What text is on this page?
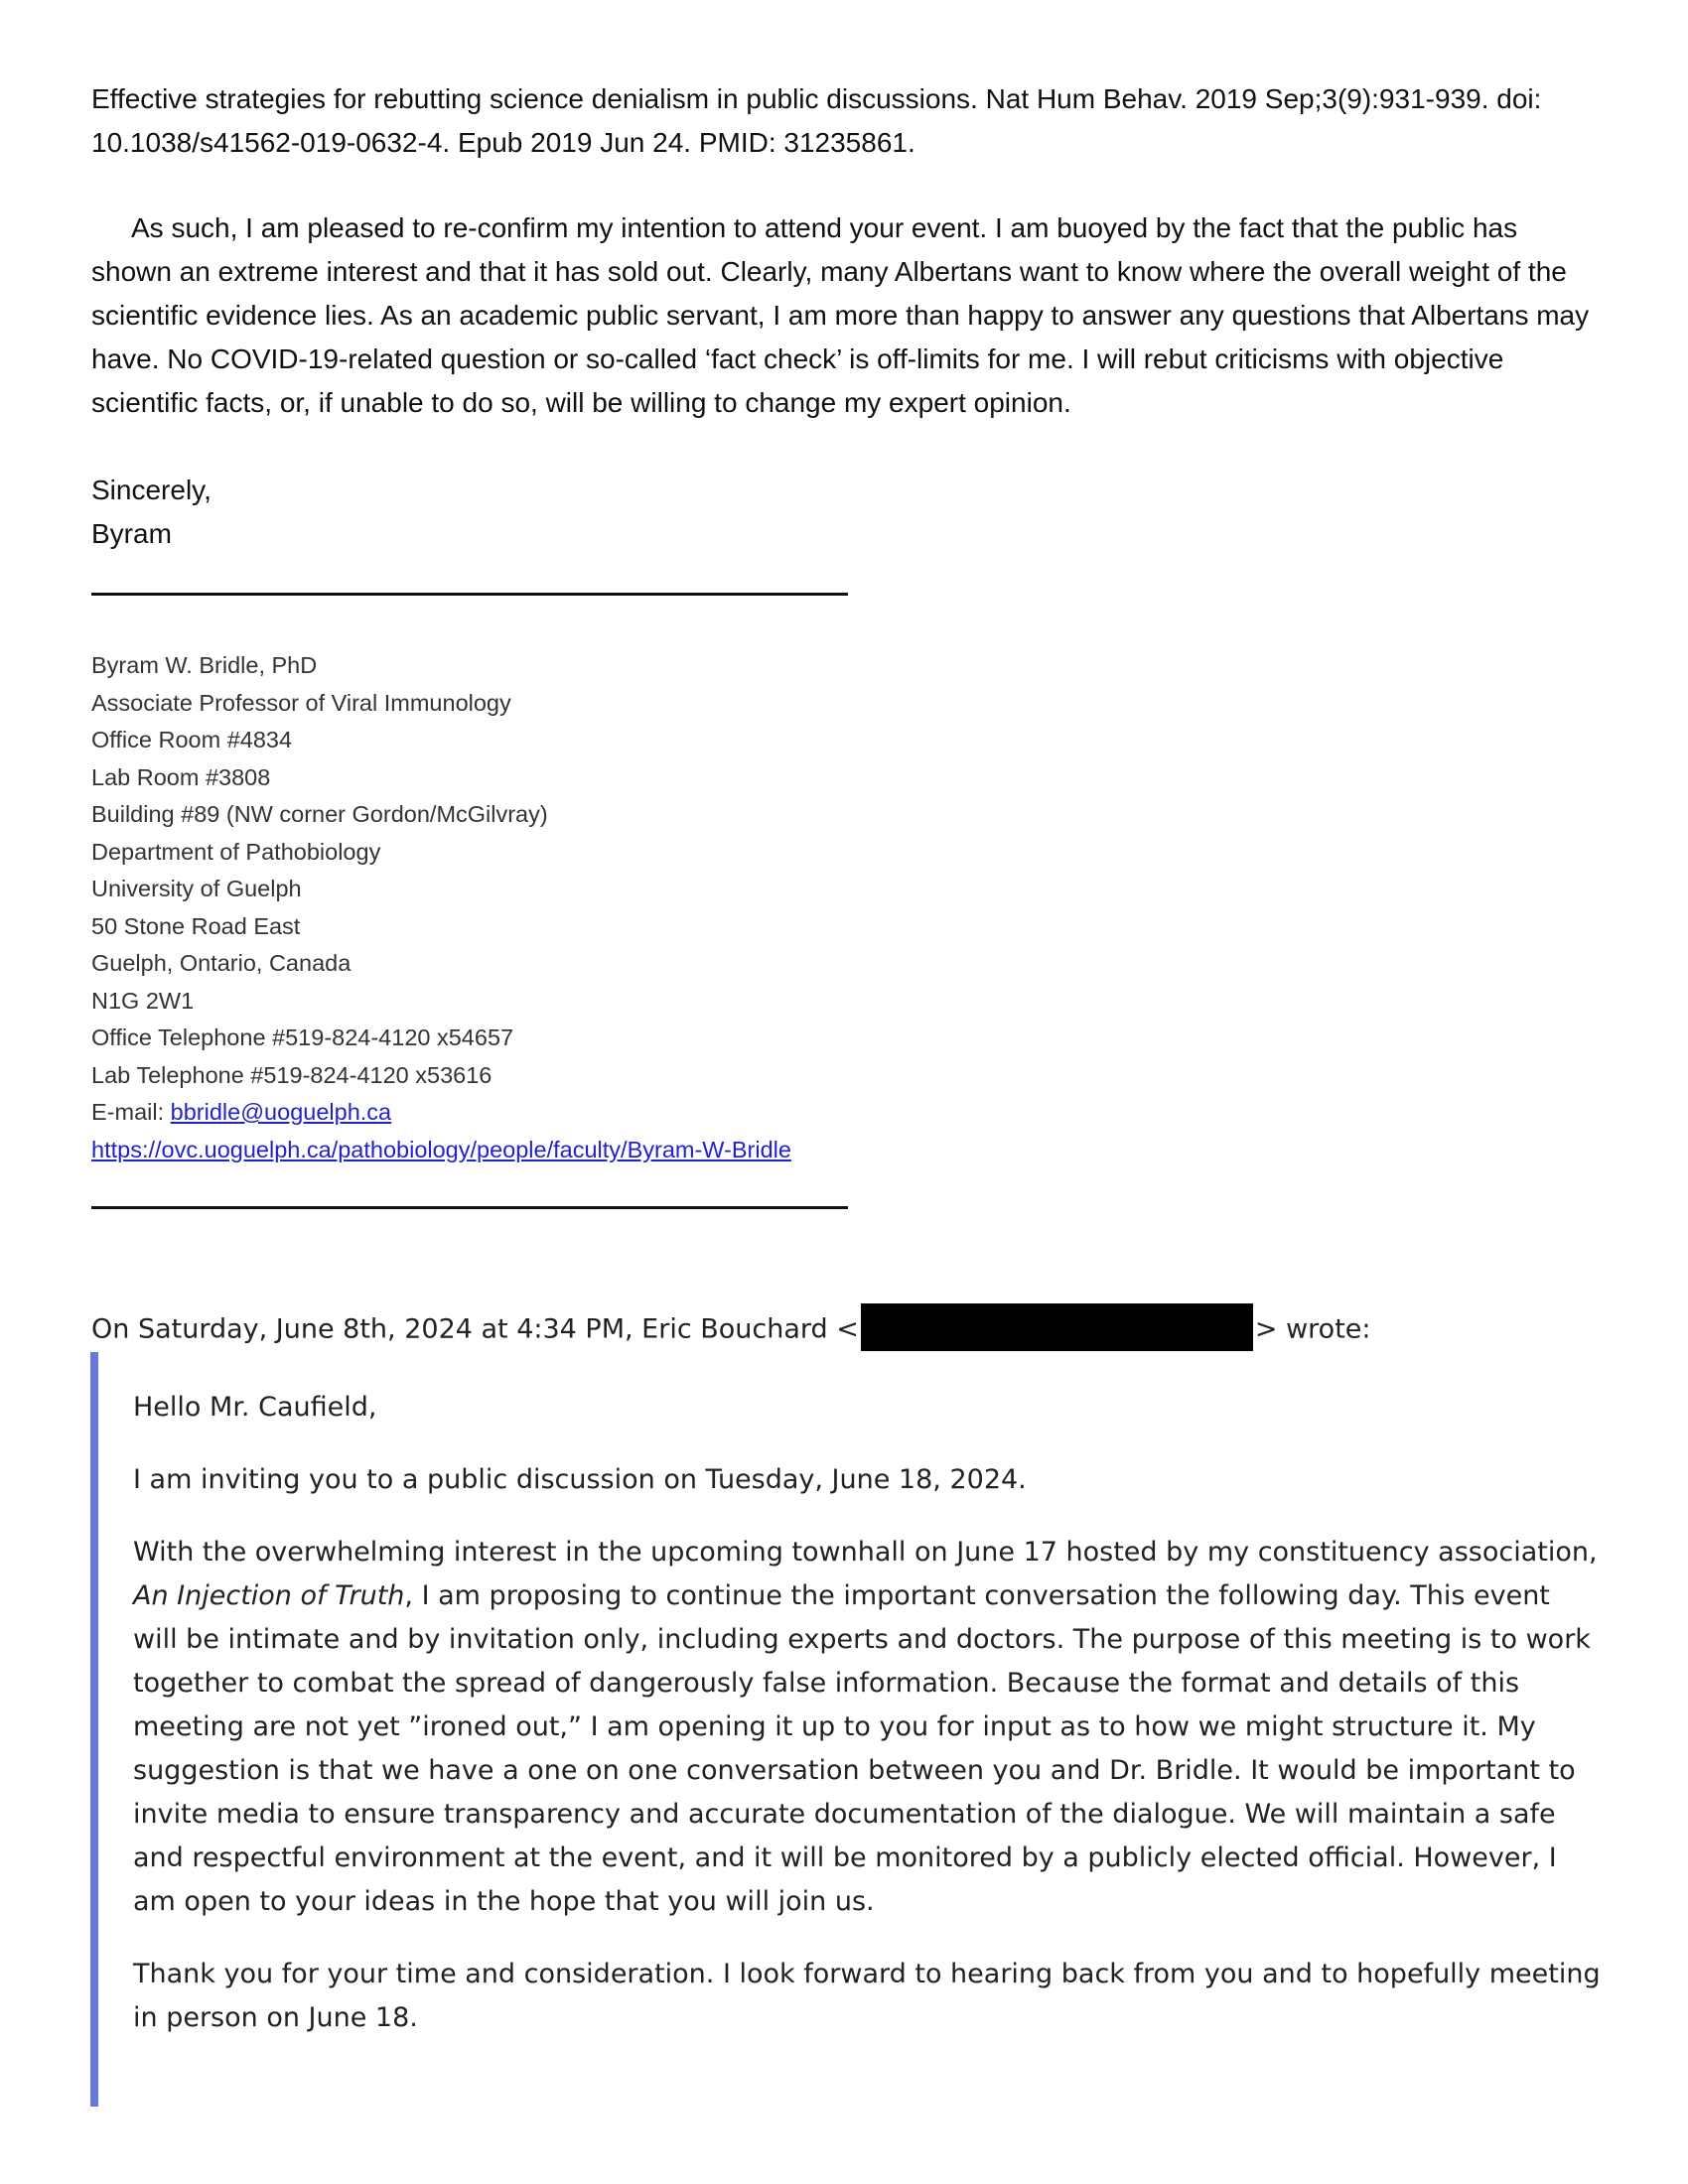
Effective strategies for rebutting science denialism in public discussions. Nat Hum Behav. 2019 Sep;3(9):931-939. doi: 10.1038/s41562-019-0632-4. Epub 2019 Jun 24. PMID: 31235861.

As such, I am pleased to re-confirm my intention to attend your event. I am buoyed by the fact that the public has shown an extreme interest and that it has sold out. Clearly, many Albertans want to know where the overall weight of the scientific evidence lies. As an academic public servant, I am more than happy to answer any questions that Albertans may have. No COVID-19-related question or so-called ‘fact check’ is off-limits for me. I will rebut criticisms with objective scientific facts, or, if unable to do so, will be willing to change my expert opinion.

Sincerely,
Byram
Byram W. Bridle, PhD
Associate Professor of Viral Immunology
Office Room #4834
Lab Room #3808
Building #89 (NW corner Gordon/McGilvray)
Department of Pathobiology
University of Guelph
50 Stone Road East
Guelph, Ontario, Canada
N1G 2W1
Office Telephone #519-824-4120 x54657
Lab Telephone #519-824-4120 x53616
E-mail: bbridle@uoguelph.ca
https://ovc.uoguelph.ca/pathobiology/people/faculty/Byram-W-Bridle
On Saturday, June 8th, 2024 at 4:34 PM, Eric Bouchard <	> wrote:

Hello Mr. Caufield,

I am inviting you to a public discussion on Tuesday, June 18, 2024.

With the overwhelming interest in the upcoming townhall on June 17 hosted by my constituency association, An Injection of Truth, I am proposing to continue the important conversation the following day. This event will be intimate and by invitation only, including experts and doctors. The purpose of this meeting is to work together to combat the spread of dangerously false information. Because the format and details of this meeting are not yet ”ironed out,” I am opening it up to you for input as to how we might structure it. My suggestion is that we have a one on one conversation between you and Dr. Bridle. It would be important to invite media to ensure transparency and accurate documentation of the dialogue. We will maintain a safe and respectful environment at the event, and it will be monitored by a publicly elected official. However, I am open to your ideas in the hope that you will join us.

Thank you for your time and consideration. I look forward to hearing back from you and to hopefully meeting in person on June 18.
